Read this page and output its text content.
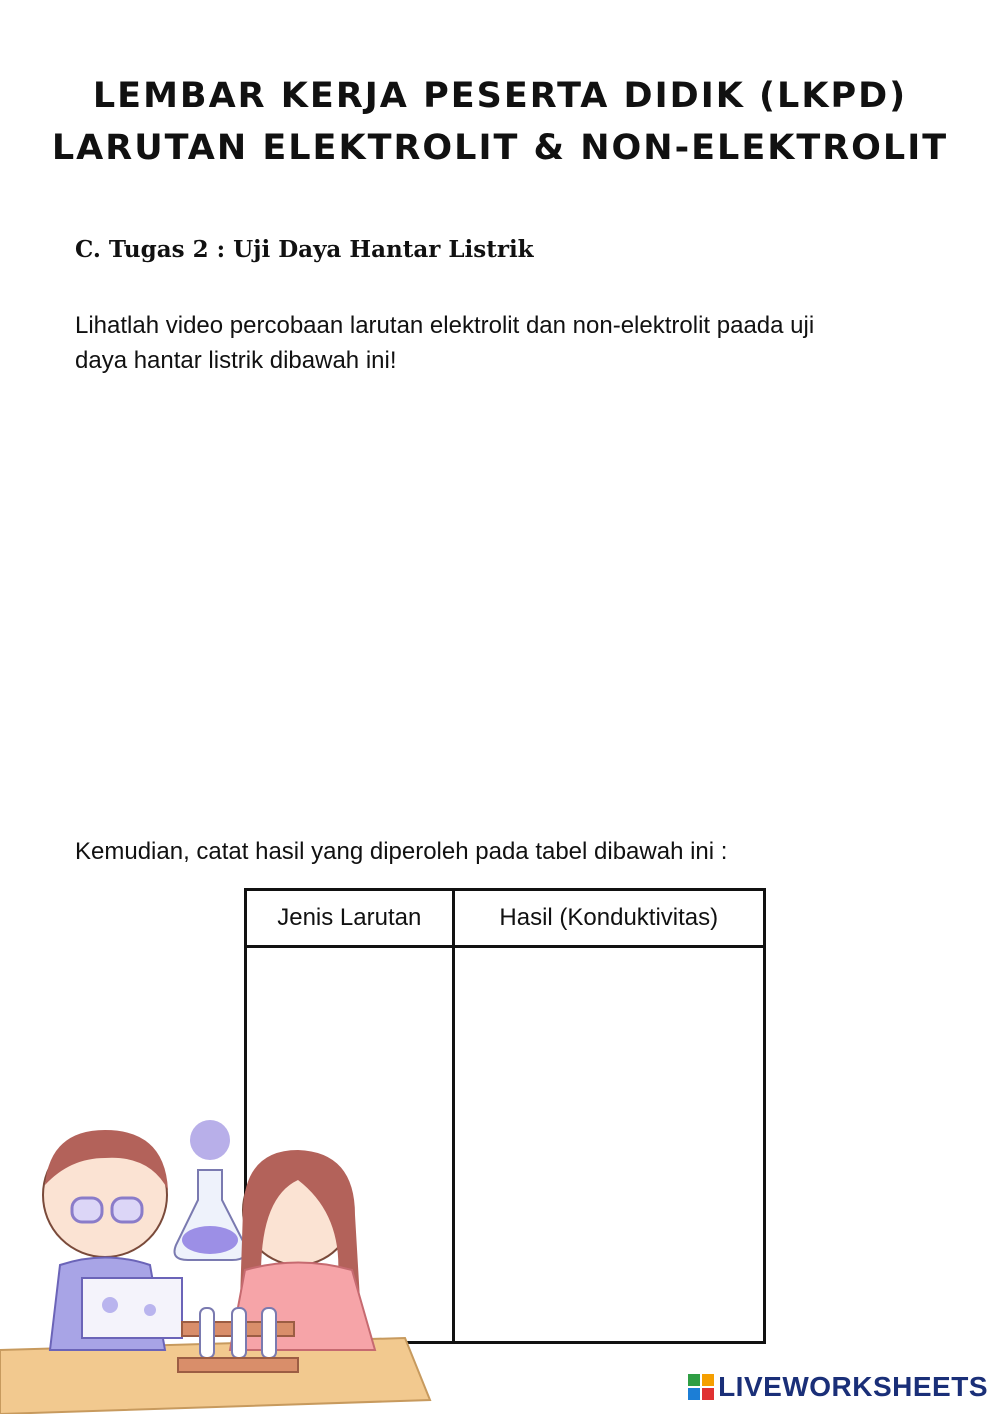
LEMBAR KERJA PESERTA DIDIK (LKPD)
LARUTAN ELEKTROLIT & NON-ELEKTROLIT
C. Tugas 2 : Uji Daya Hantar Listrik
Lihatlah video percobaan larutan elektrolit dan non-elektrolit paada uji
daya hantar listrik dibawah ini!
Kemudian, catat hasil yang diperoleh pada tabel dibawah ini :
Jenis Larutan	Hasil (Konduktivitas)

LIVEWORKSHEETS
